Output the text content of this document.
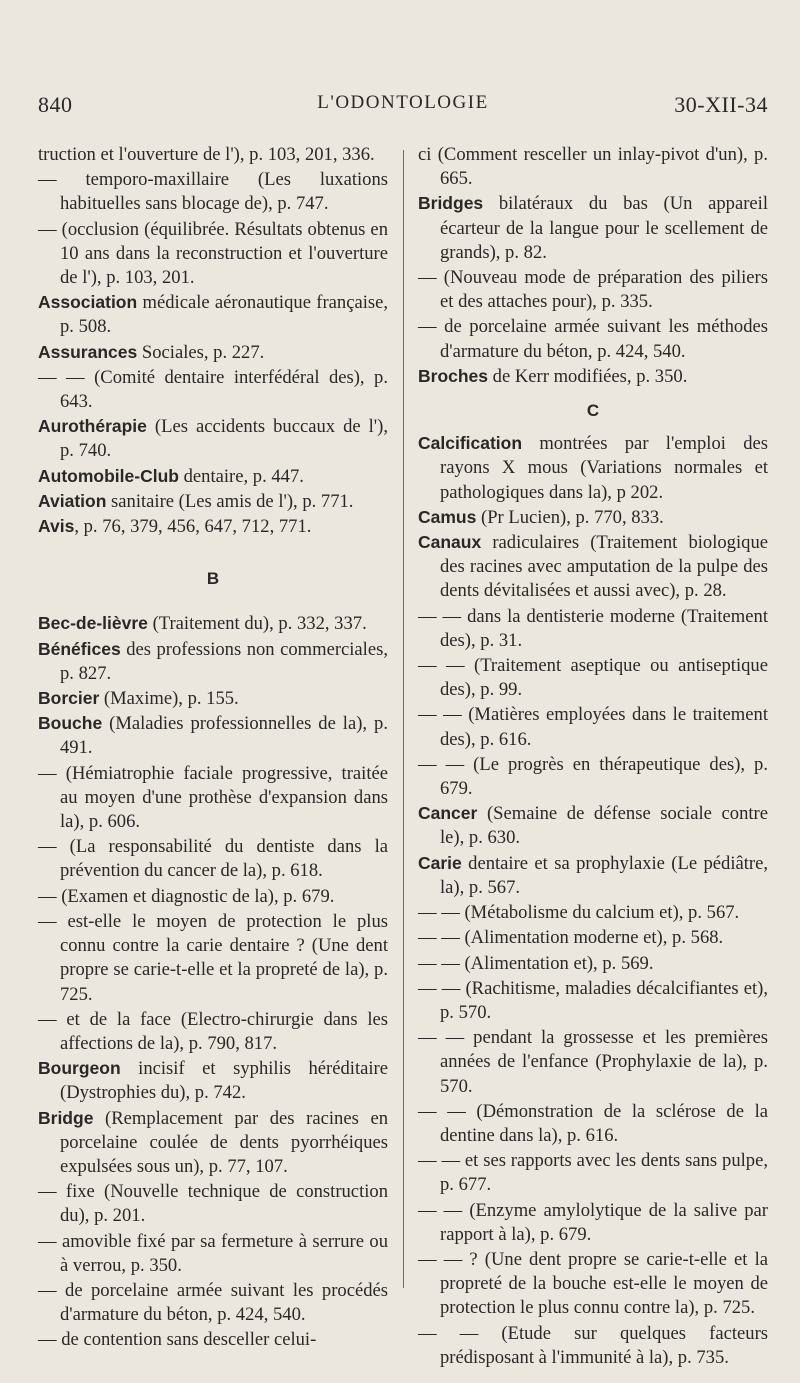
840	L'ODONTOLOGIE	30-XII-34
truction et l'ouverture de l'), p. 103, 201, 336.
— temporo-maxillaire (Les luxations habituelles sans blocage de), p. 747.
— (occlusion (équilibrée. Résultats obtenus en 10 ans dans la reconstruction et l'ouverture de l'), p. 103, 201.
Association médicale aéronautique française, p. 508.
Assurances Sociales, p. 227.
— — (Comité dentaire interfédéral des), p. 643.
Aurothérapie (Les accidents buccaux de l'), p. 740.
Automobile-Club dentaire, p. 447.
Aviation sanitaire (Les amis de l'), p. 771.
Avis, p. 76, 379, 456, 647, 712, 771.
B
Bec-de-lièvre (Traitement du), p. 332, 337.
Bénéfices des professions non commerciales, p. 827.
Borcier (Maxime), p. 155.
Bouche (Maladies professionnelles de la), p. 491.
— (Hémiatrophie faciale progressive, traitée au moyen d'une prothèse d'expansion dans la), p. 606.
— (La responsabilité du dentiste dans la prévention du cancer de la), p. 618.
— (Examen et diagnostic de la), p. 679.
— est-elle le moyen de protection le plus connu contre la carie dentaire ? (Une dent propre se carie-t-elle et la propreté de la), p. 725.
— et de la face (Electro-chirurgie dans les affections de la), p. 790, 817.
Bourgeon incisif et syphilis héréditaire (Dystrophies du), p. 742.
Bridge (Remplacement par des racines en porcelaine coulée de dents pyorrhéiques expulsées sous un), p. 77, 107.
— fixe (Nouvelle technique de construction du), p. 201.
— amovible fixé par sa fermeture à serrure ou à verrou, p. 350.
— de porcelaine armée suivant les procédés d'armature du béton, p. 424, 540.
— de contention sans desceller celui-
ci (Comment resceller un inlay-pivot d'un), p. 665.
Bridges bilatéraux du bas (Un appareil écarteur de la langue pour le scellement de grands), p. 82.
— (Nouveau mode de préparation des piliers et des attaches pour), p. 335.
— de porcelaine armée suivant les méthodes d'armature du béton, p. 424, 540.
Broches de Kerr modifiées, p. 350.
C
Calcification montrées par l'emploi des rayons X mous (Variations normales et pathologiques dans la), p 202.
Camus (Pr Lucien), p. 770, 833.
Canaux radiculaires (Traitement biologique des racines avec amputation de la pulpe des dents dévitalisées et aussi avec), p. 28.
— — dans la dentisterie moderne (Traitement des), p. 31.
— — (Traitement aseptique ou antiseptique des), p. 99.
— — (Matières employées dans le traitement des), p. 616.
— — (Le progrès en thérapeutique des), p. 679.
Cancer (Semaine de défense sociale contre le), p. 630.
Carie dentaire et sa prophylaxie (Le pédiâtre, la), p. 567.
— — (Métabolisme du calcium et), p. 567.
— — (Alimentation moderne et), p. 568.
— — (Alimentation et), p. 569.
— — (Rachitisme, maladies décalcifiantes et), p. 570.
— — pendant la grossesse et les premières années de l'enfance (Prophylaxie de la), p. 570.
— — (Démonstration de la sclérose de la dentine dans la), p. 616.
— — et ses rapports avec les dents sans pulpe, p. 677.
— — (Enzyme amylolytique de la salive par rapport à la), p. 679.
— — ? (Une dent propre se carie-t-elle et la propreté de la bouche est-elle le moyen de protection le plus connu contre la), p. 725.
— — (Etude sur quelques facteurs prédisposant à l'immunité à la), p. 735.
